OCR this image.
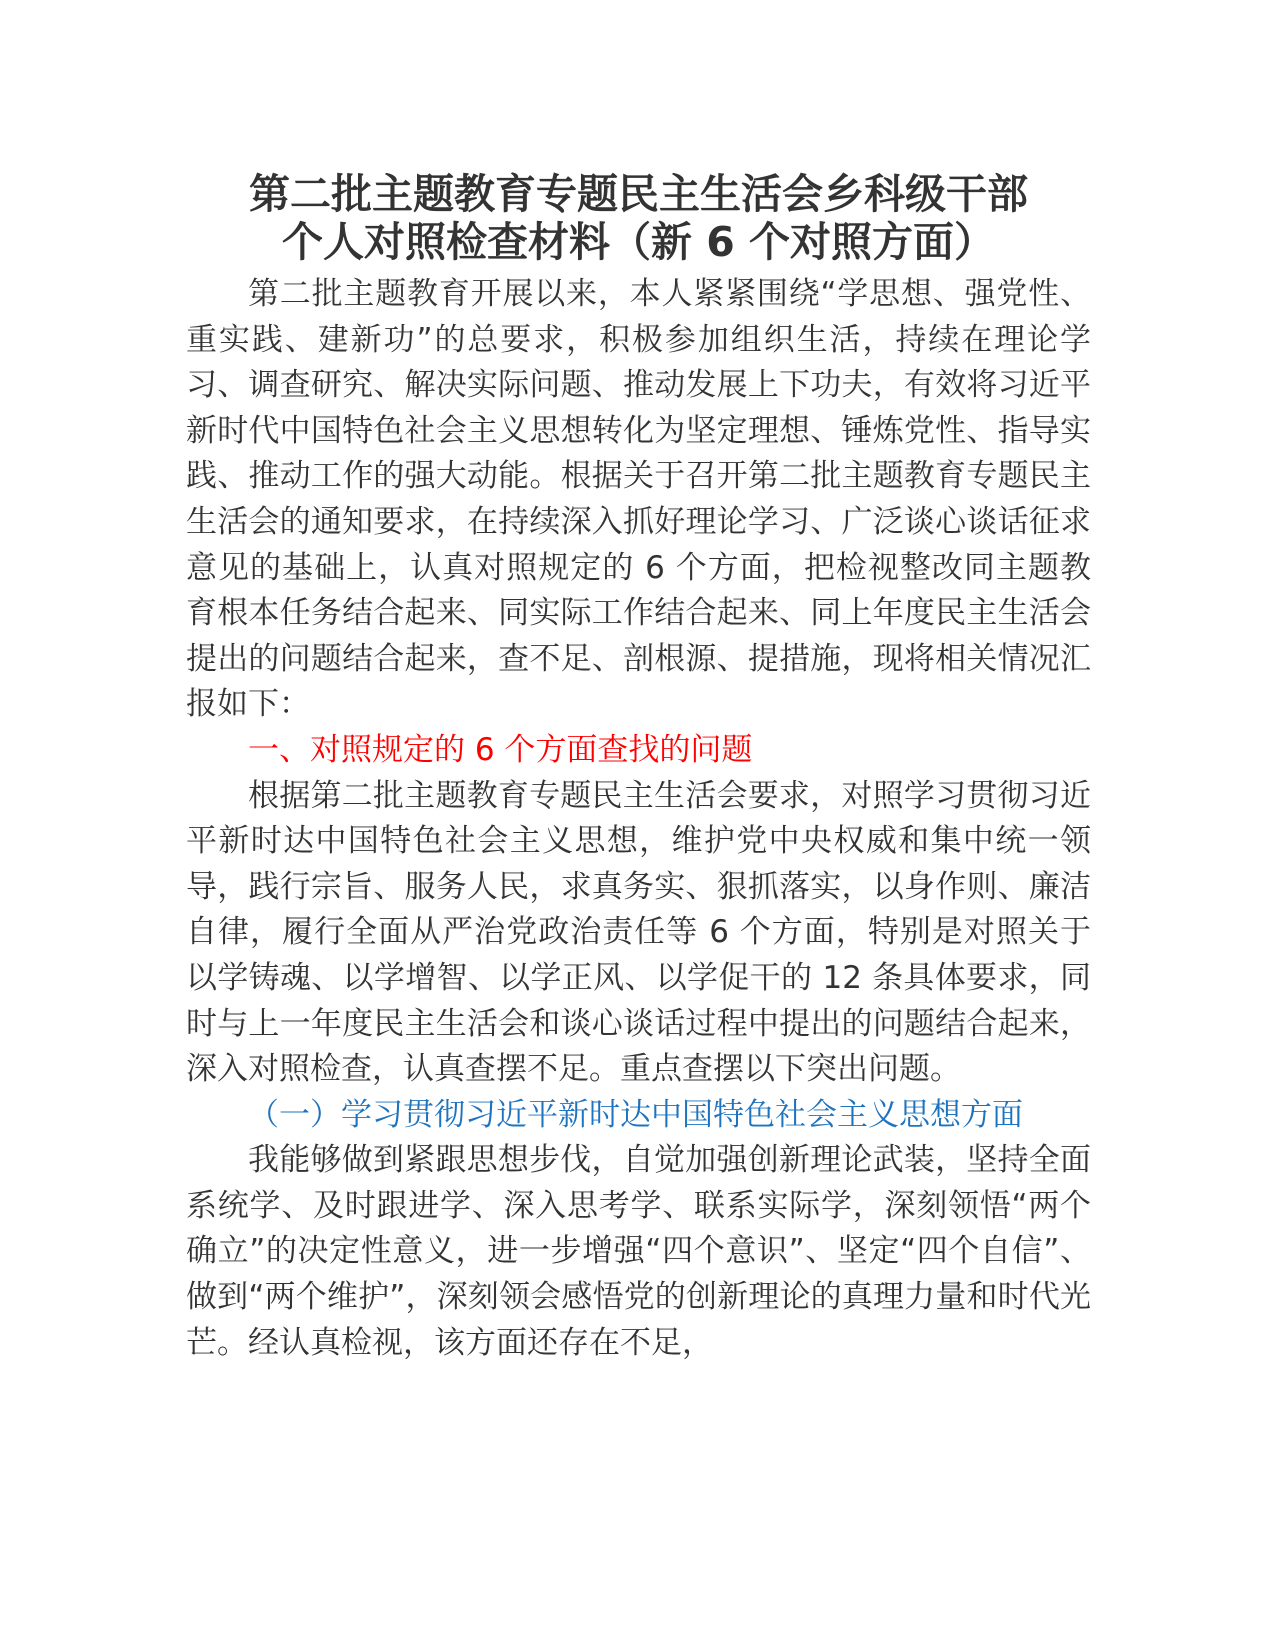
第二批主题教育专题民主生活会乡科级干部
个人对照检查材料（新 6 个对照方面）

第二批主题教育开展以来，本人紧紧围绕“学思想、强党性、重实践、建新功”的总要求，积极参加组织生活，持续在理论学习、调查研究、解决实际问题、推动发展上下功夫，有效将习近平新时代中国特色社会主义思想转化为坚定理想、锤炼党性、指导实践、推动工作的强大动能。根据关于召开第二批主题教育专题民主生活会的通知要求，在持续深入抓好理论学习、广泛谈心谈话征求意见的基础上，认真对照规定的 6 个方面，把检视整改同主题教育根本任务结合起来、同实际工作结合起来、同上年度民主生活会提出的问题结合起来，查不足、剖根源、提措施，现将相关情况汇报如下：

一、对照规定的 6 个方面查找的问题

根据第二批主题教育专题民主生活会要求，对照学习贯彻习近平新时达中国特色社会主义思想，维护党中央权威和集中统一领导，践行宗旨、服务人民，求真务实、狠抓落实，以身作则、廉洁自律，履行全面从严治党政治责任等 6 个方面，特别是对照关于以学铸魂、以学增智、以学正风、以学促干的 12 条具体要求，同时与上一年度民主生活会和谈心谈话过程中提出的问题结合起来，深入对照检查，认真查摆不足。重点查摆以下突出问题。

（一）学习贯彻习近平新时达中国特色社会主义思想方面

我能够做到紧跟思想步伐，自觉加强创新理论武装，坚持全面系统学、及时跟进学、深入思考学、联系实际学，深刻领悟“两个确立”的决定性意义，进一步增强“四个意识”、坚定“四个自信”、做到“两个维护”，深刻领会感悟党的创新理论的真理力量和时代光芒。经认真检视，该方面还存在不足，
